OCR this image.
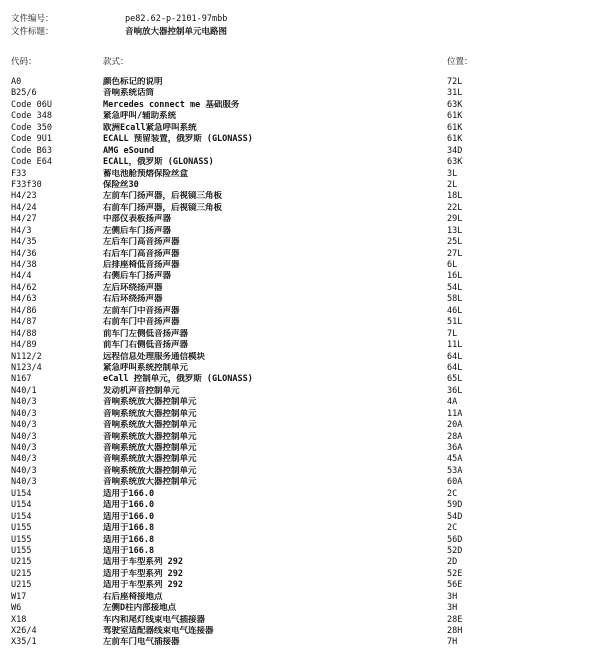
文件编号：	pe82.62-p-2101-97mbb
文件标题：	音响放大器控制单元电路图
代码：	款式：	位置：
A0	颜色标记的说明	72L
B25/6	音响系统话筒	31L
Code 06U	Mercedes connect me 基础服务	63K
Code 348	紧急呼叫/辅助系统	61K
Code 350	欧洲Ecall紧急呼叫系统	61K
Code 9U1	ECALL 预留装置，俄罗斯 (GLONASS)	61K
Code B63	AMG eSound	34D
Code E64	ECALL，俄罗斯 (GLONASS)	63K
F33	蓄电池舱预熔保险丝盒	3L
F33f30	保险丝30	2L
H4/23	左前车门扬声器，后视镜三角板	18L
H4/24	右前车门扬声器，后视镜三角板	22L
H4/27	中部仪表板扬声器	29L
H4/3	左侧后车门扬声器	13L
H4/35	左后车门高音扬声器	25L
H4/36	右后车门高音扬声器	27L
H4/38	后排座椅低音扬声器	6L
H4/4	右侧后车门扬声器	16L
H4/62	左后环绕扬声器	54L
H4/63	右后环绕扬声器	58L
H4/86	左前车门中音扬声器	46L
H4/87	右前车门中音扬声器	51L
H4/88	前车门左侧低音扬声器	7L
H4/89	前车门右侧低音扬声器	11L
N112/2	远程信息处理服务通信模块	64L
N123/4	紧急呼叫系统控制单元	64L
N167	eCall 控制单元，俄罗斯 (GLONASS)	65L
N40/1	发动机声音控制单元	36L
N40/3	音响系统放大器控制单元	4A
N40/3	音响系统放大器控制单元	11A
N40/3	音响系统放大器控制单元	20A
N40/3	音响系统放大器控制单元	28A
N40/3	音响系统放大器控制单元	36A
N40/3	音响系统放大器控制单元	45A
N40/3	音响系统放大器控制单元	53A
N40/3	音响系统放大器控制单元	60A
U154	适用于166.0	2C
U154	适用于166.0	59D
U154	适用于166.0	54D
U155	适用于166.8	2C
U155	适用于166.8	56D
U155	适用于166.8	52D
U215	适用于车型系列 292	2D
U215	适用于车型系列 292	52E
U215	适用于车型系列 292	56E
W17	右后座椅接地点	3H
W6	左侧D柱内部接地点	3H
X18	车内和尾灯线束电气插接器	28E
X26/4	驾驶室适配器线束电气连接器	28H
X35/1	左前车门电气插接器	7H
